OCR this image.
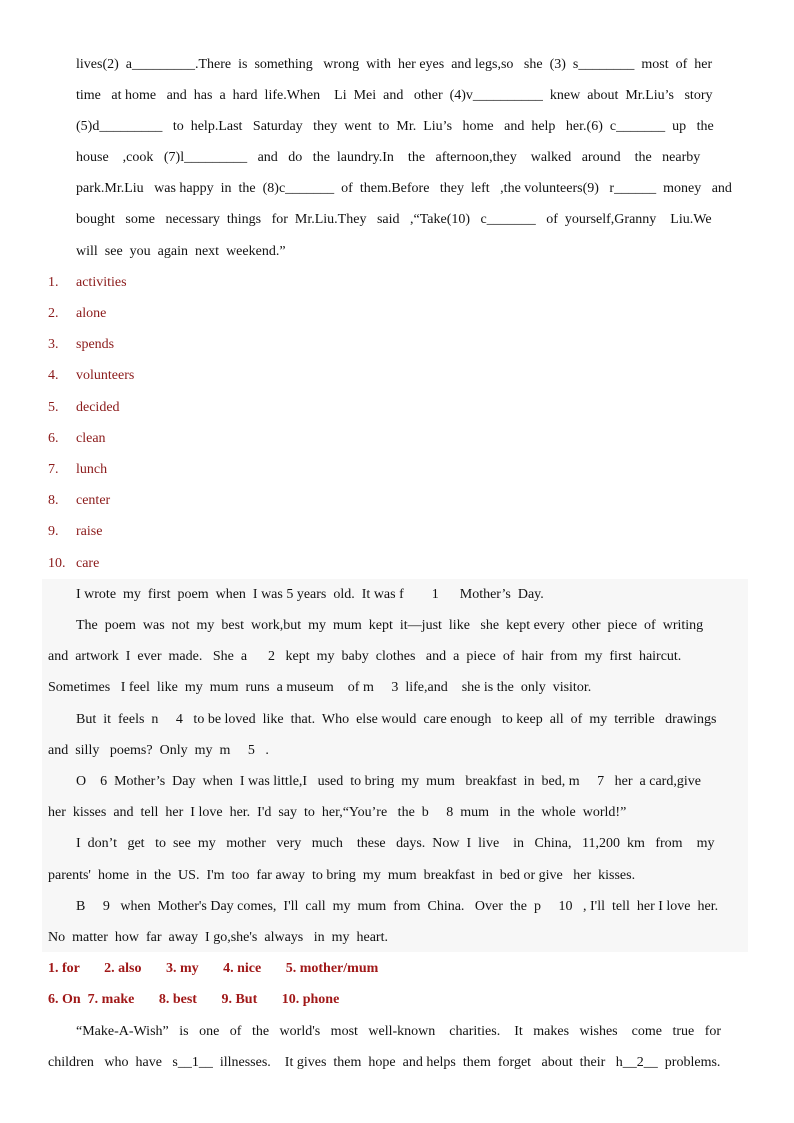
lives(2)  a_________.There  is  something   wrong  with  her eyes  and legs,so   she  (3)  s________  most  of  her
time   at home   and  has  a  hard  life.When    Li  Mei  and   other  (4)v__________  knew  about  Mr.Liu’s   story
(5)d_________   to  help.Last   Saturday   they  went  to  Mr.  Liu’s   home   and  help   her.(6)  c_______  up   the
house    ,cook   (7)l_________   and   do   the  laundry.In    the   afternoon,they    walked   around    the   nearby
park.Mr.Liu   was happy  in  the  (8)c_______  of  them.Before   they  left   ,the volunteers(9)   r______  money   and
bought   some   necessary  things   for  Mr.Liu.They   said   ,“Take(10)   c_______   of  yourself,Granny    Liu.We
will  see  you  again  next  weekend.”
1. activities
2. alone
3. spends
4. volunteers
5. decided
6. clean
7. lunch
8. center
9. raise
10. care
I wrote  my  first  poem  when  I was 5 years  old.  It was f        1      Mother’s  Day.
The  poem  was  not  my  best  work,but  my  mum  kept  it—just  like   she  kept every  other  piece  of  writing
and  artwork  I  ever  made.   She  a      2   kept  my  baby  clothes   and  a  piece  of  hair  from  my  first  haircut.
Sometimes   I feel  like  my  mum  runs  a museum    of m     3  life,and    she is the  only  visitor.
But  it  feels  n     4   to be loved  like  that.  Who  else would  care enough   to keep  all  of  my  terrible   drawings
and  silly   poems?  Only  my  m     5   .
O    6  Mother’s  Day  when  I was little,I   used  to bring  my  mum   breakfast  in  bed, m     7   her  a card,give
her  kisses  and  tell  her  I love  her.  I'd  say  to  her,“You’re   the  b     8  mum   in  the  whole  world!”
I  don’t   get   to  see  my   mother   very   much    these   days.  Now  I  live    in   China,   11,200  km   from    my
parents'  home  in  the  US.  I'm  too  far away  to bring  my  mum  breakfast  in  bed or give   her  kisses.
B     9   when  Mother's Day comes,  I'll  call  my  mum  from  China.   Over  the  p     10   , I'll  tell  her I love  her.
No  matter  how  far  away  I go,she's  always   in  my  heart.
1. for       2. also       3. my       4. nice       5. mother/mum
6. On  7. make       8. best       9. But       10. phone
“Make-A-Wish”   is   one   of   the   world's   most   well-known    charities.    It   makes   wishes    come   true   for
children   who  have   s__1__  illnesses.    It gives  them  hope  and helps  them  forget   about  their   h__2__  problems.
